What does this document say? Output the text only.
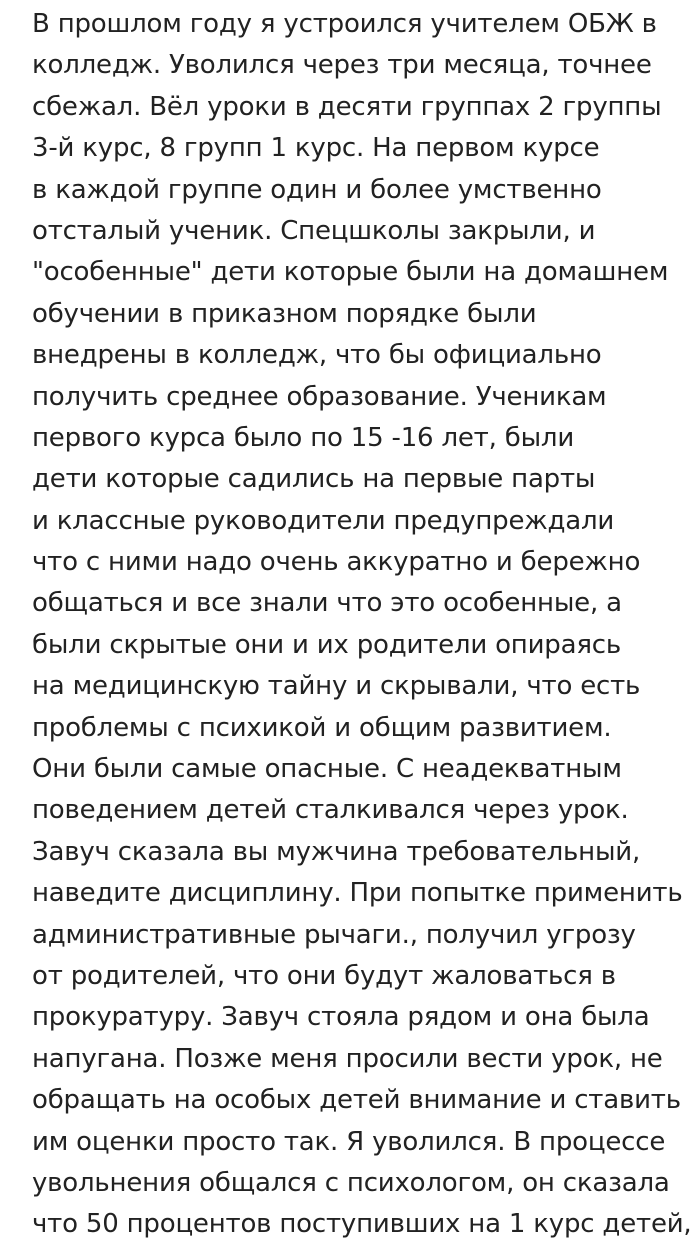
В прошлом году я устроился учителем ОБЖ в
колледж. Уволился через три месяца, точнее
сбежал. Вёл уроки в десяти группах 2 группы
3-й курс, 8 групп 1 курс. На первом курсе
в каждой группе один и более умственно
отсталый ученик. Спецшколы закрыли, и
"особенные" дети которые были на домашнем
обучении в приказном порядке были
внедрены в колледж, что бы официально
получить среднее образование. Ученикам
первого курса было по 15 -16 лет, были
дети которые садились на первые парты
и классные руководители предупреждали
что с ними надо очень аккуратно и бережно
общаться и все знали что это особенные, а
были скрытые они и их родители опираясь
на медицинскую тайну и скрывали, что есть
проблемы с психикой и общим развитием.
Они были самые опасные. С неадекватным
поведением детей сталкивался через урок.
Завуч сказала вы мужчина требовательный,
наведите дисциплину. При попытке применить
административные рычаги., получил угрозу
от родителей, что они будут жаловаться в
прокуратуру. Завуч стояла рядом и она была
напугана. Позже меня просили вести урок, не
обращать на особых детей внимание и ставить
им оценки просто так. Я уволился. В процессе
увольнения общался с психологом, он сказала
что 50 процентов поступивших на 1 курс детей,
